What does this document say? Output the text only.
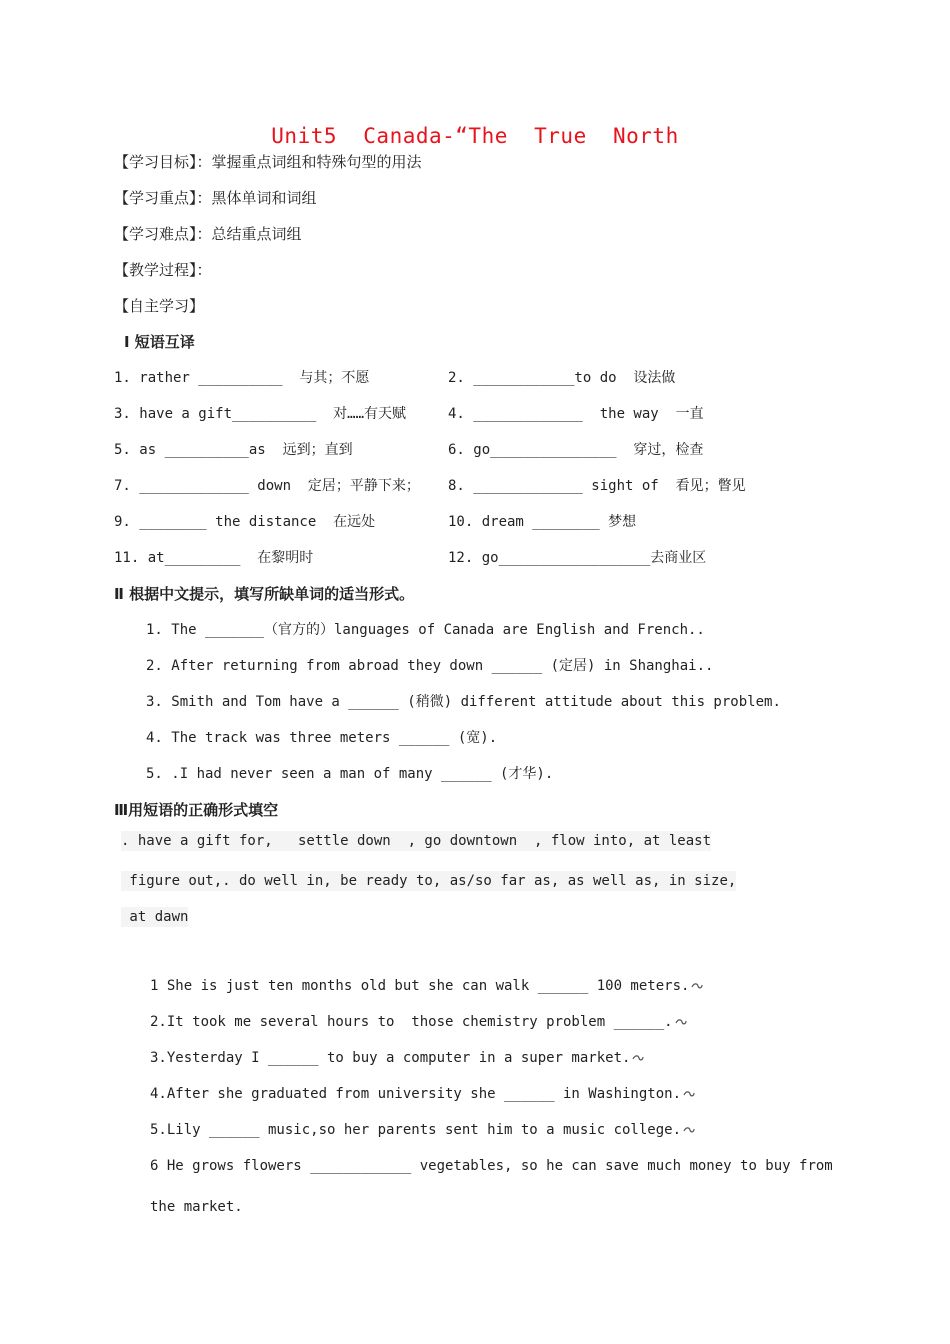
Unit5  Canada-“The  True  North
【学习目标】：掌握重点词组和特殊句型的用法
【学习重点】：黑体单词和词组
【学习难点】：总结重点词组
【教学过程】：
【自主学习】
Ⅰ 短语互译
1. rather __________  与其；不愿	2. ____________to do  设法做
3. have a gift__________  对……有天赋	4. _____________  the way  一直
5. as __________as  远到；直到	6. go_______________  穿过，检查
7. _____________ down  定居；平静下来； 8. _____________ sight of  看见；瞥见
9. ________ the distance  在远处	10. dream ________ 梦想
11. at_________  在黎明时	12. go__________________去商业区
Ⅱ 根据中文提示，填写所缺单词的适当形式。
1. The _______（官方的）languages of Canada are English and French..
2. After returning from abroad they down ______ (定居) in Shanghai..
3. Smith and Tom have a ______ (稍微) different attitude about this problem.
4. The track was three meters ______ (宽).
5. .I had never seen a man of many ______ (才华).
Ⅲ用短语的正确形式填空
. have a gift for,   settle down  , go downtown  , flow into, at least
figure out,. do well in, be ready to, as/so far as, as well as, in size,
at dawn
1 She is just ten months old but she can walk ______ 100 meters.
2.It took me several hours to  those chemistry problem ______.
3.Yesterday I ______ to buy a computer in a super market.
4.After she graduated from university she ______ in Washington.
5.Lily ______ music,so her parents sent him to a music college.
6 He grows flowers ____________ vegetables, so he can save much money to buy from
the market.
